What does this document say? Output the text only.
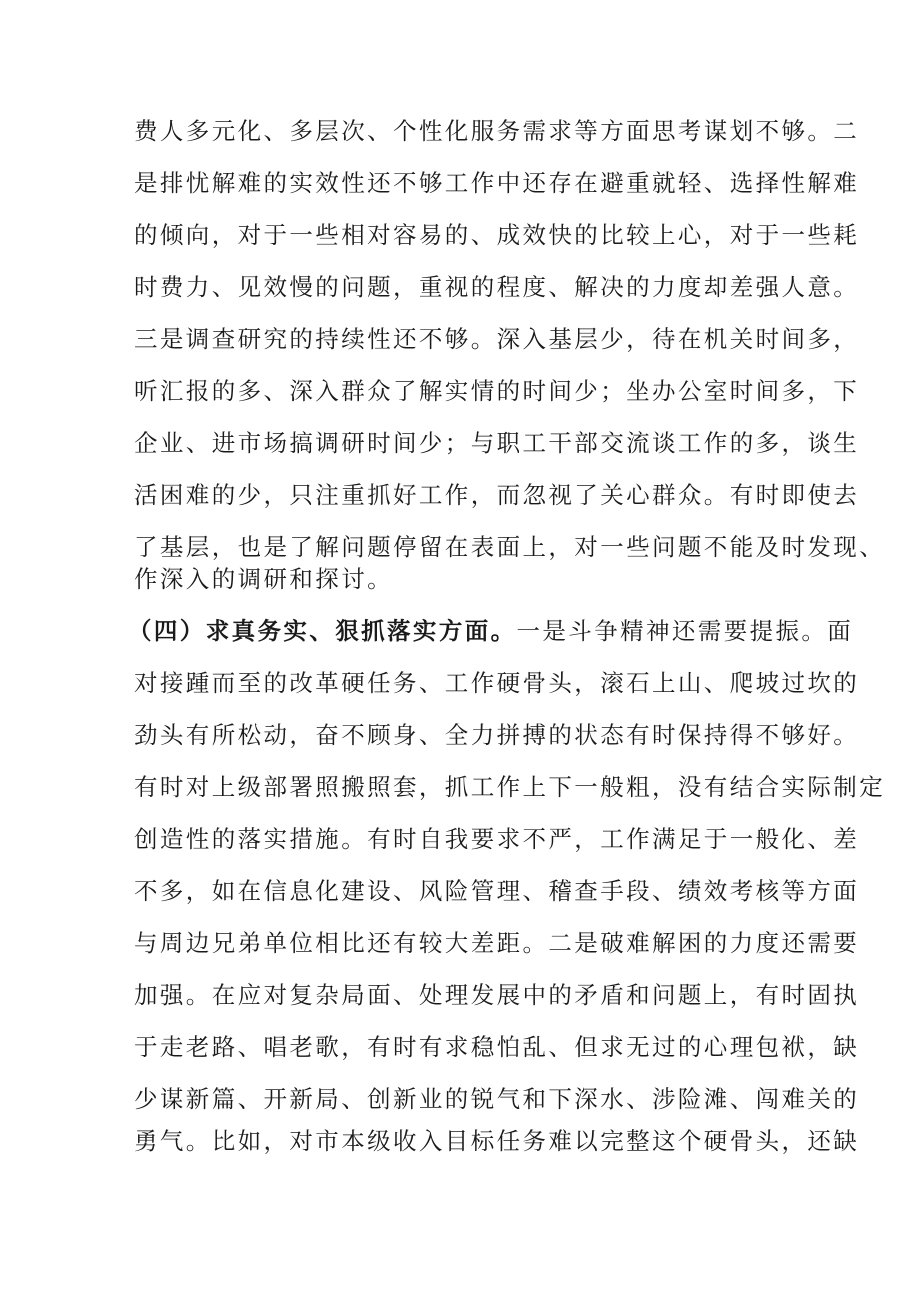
费人多元化、多层次、个性化服务需求等方面思考谋划不够。二
是排忧解难的实效性还不够工作中还存在避重就轻、选择性解难
的倾向，对于一些相对容易的、成效快的比较上心，对于一些耗
时费力、见效慢的问题，重视的程度、解决的力度却差强人意。
三是调查研究的持续性还不够。深入基层少，待在机关时间多，
听汇报的多、深入群众了解实情的时间少；坐办公室时间多，下
企业、进市场搞调研时间少；与职工干部交流谈工作的多，谈生
活困难的少，只注重抓好工作，而忽视了关心群众。有时即使去
了基层，也是了解问题停留在表面上，对一些问题不能及时发现、
作深入的调研和探讨。
（四）求真务实、狠抓落实方面。一是斗争精神还需要提振。面
对接踵而至的改革硬任务、工作硬骨头，滚石上山、爬坡过坎的
劲头有所松动，奋不顾身、全力拼搏的状态有时保持得不够好。
有时对上级部署照搬照套，抓工作上下一般粗，没有结合实际制定
创造性的落实措施。有时自我要求不严，工作满足于一般化、差
不多，如在信息化建设、风险管理、稽查手段、绩效考核等方面
与周边兄弟单位相比还有较大差距。二是破难解困的力度还需要
加强。在应对复杂局面、处理发展中的矛盾和问题上，有时固执
于走老路、唱老歌，有时有求稳怕乱、但求无过的心理包袱，缺
少谋新篇、开新局、创新业的锐气和下深水、涉险滩、闯难关的
勇气。比如，对市本级收入目标任务难以完整这个硬骨头，还缺
